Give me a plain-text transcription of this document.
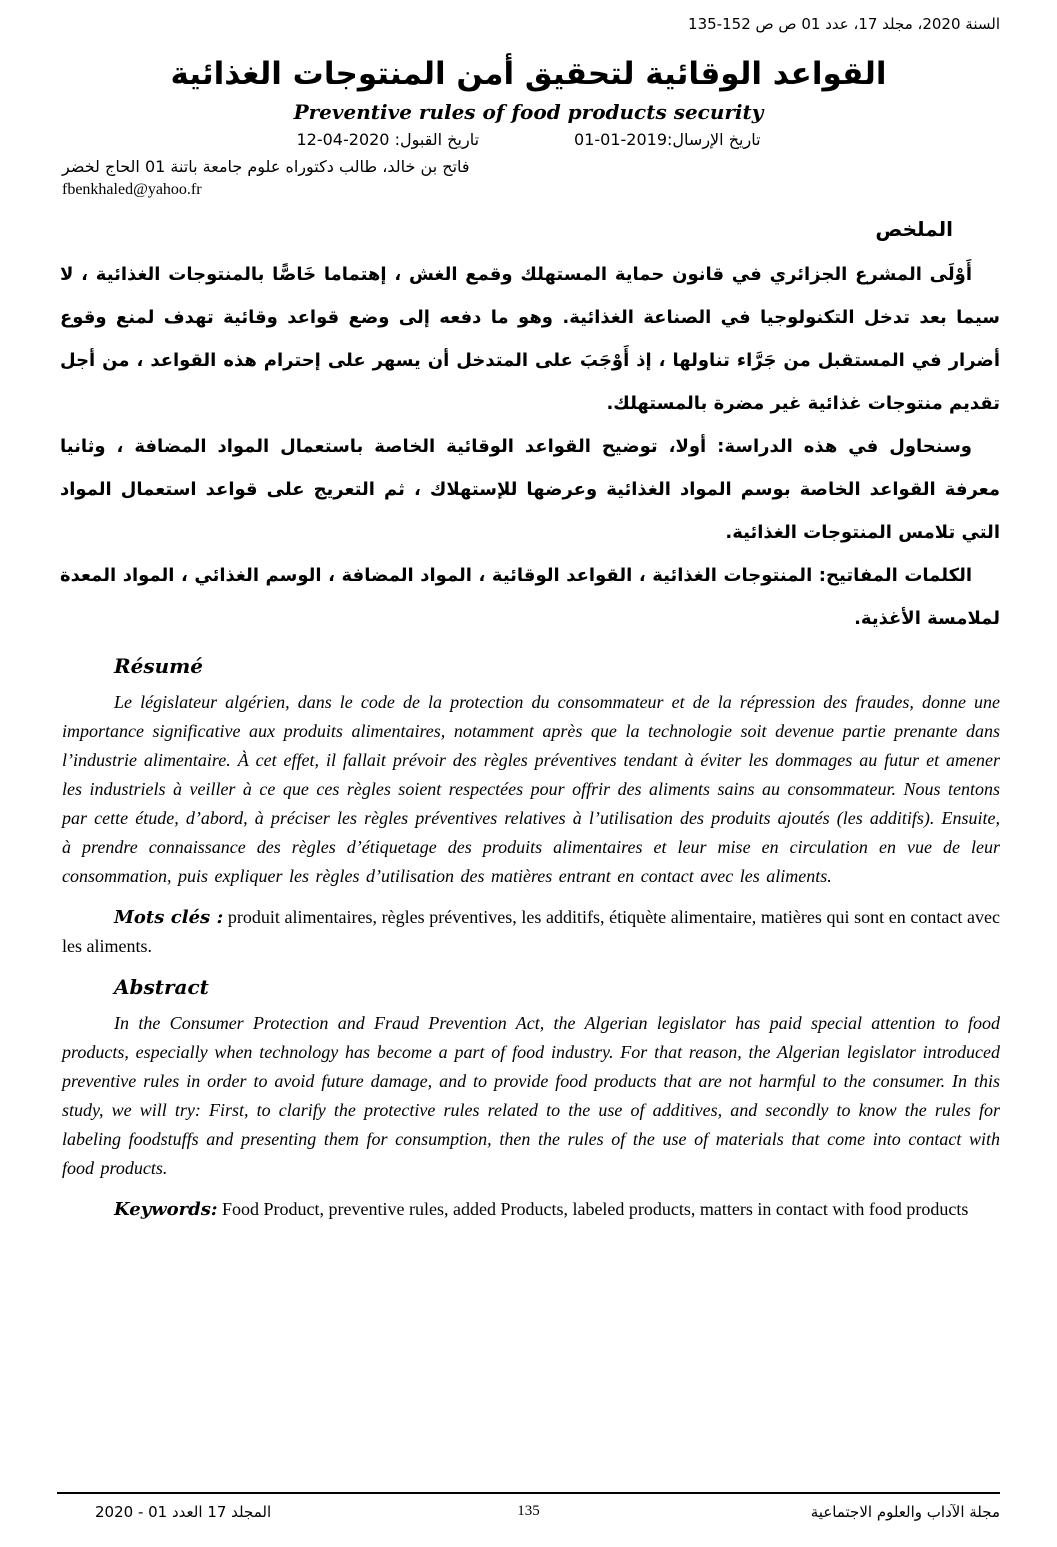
السنة 2020، مجلد 17، عدد 01 ص ص 152-135
القواعد الوقائية لتحقيق أمن المنتوجات الغذائية
Preventive rules of food products security
تاريخ الإرسال:2019-01-01
تاريخ القبول: 2020-04-12
فاتح بن خالد، طالب دكتوراه علوم جامعة باتنة 01 الحاج لخضر
fbenkhaled@yahoo.fr
الملخص

أَوْلَى المشرع الجزائري في قانون حماية المستهلك وقمع الغش ، إهتماما خَاصًّا بالمنتوجات الغذائية ، لا سيما بعد تدخل التكنولوجيا في الصناعة الغذائية. وهو ما دفعه إلى وضع قواعد وقائية تهدف لمنع وقوع أضرار في المستقبل من جَرَّاء تناولها ، إذ أَوْجَبَ على المتدخل أن يسهر على إحترام هذه القواعد ، من أجل تقديم منتوجات غذائية غير مضرة بالمستهلك.

وسنحاول في هذه الدراسة: أولا، توضيح القواعد الوقائية الخاصة باستعمال المواد المضافة ، وثانيا معرفة القواعد الخاصة بوسم المواد الغذائية وعرضها للإستهلاك ، ثم التعريج على قواعد استعمال المواد التي تلامس المنتوجات الغذائية.

الكلمات المفاتيح: المنتوجات الغذائية ، القواعد الوقائية ، المواد المضافة ، الوسم الغذائي ، المواد المعدة لملامسة الأغذية.

Résumé

Le législateur algérien, dans le code de la protection du consommateur et de la répression des fraudes, donne une importance significative aux produits alimentaires, notamment après que la technologie soit devenue partie prenante dans l’industrie alimentaire. À cet effet, il fallait prévoir des règles préventives tendant à éviter les dommages au futur et amener les industriels à veiller à ce que ces règles soient respectées pour offrir des aliments sains au consommateur. Nous tentons par cette étude, d’abord, à préciser les règles préventives relatives à l’utilisation des produits ajoutés (les additifs). Ensuite, à prendre connaissance des règles d’étiquetage des produits alimentaires et leur mise en circulation en vue de leur consommation, puis expliquer les règles d’utilisation des matières entrant en contact avec les aliments.

Mots clés : produit alimentaires, règles préventives, les additifs, étiquète alimentaire, matières qui sont en contact avec les aliments.

Abstract

In the Consumer Protection and Fraud Prevention Act, the Algerian legislator has paid special attention to food products, especially when technology has become a part of food industry. For that reason, the Algerian legislator introduced preventive rules in order to avoid future damage, and to provide food products that are not harmful to the consumer. In this study, we will try: First, to clarify the protective rules related to the use of additives, and secondly to know the rules for labeling foodstuffs and presenting them for consumption, then the rules of the use of materials that come into contact with food products.

Keywords: Food Product, preventive rules, added Products, labeled products, matters in contact with food products

135
المجلد 17 العدد 01 - 2020	مجلة الآداب والعلوم الاجتماعية
